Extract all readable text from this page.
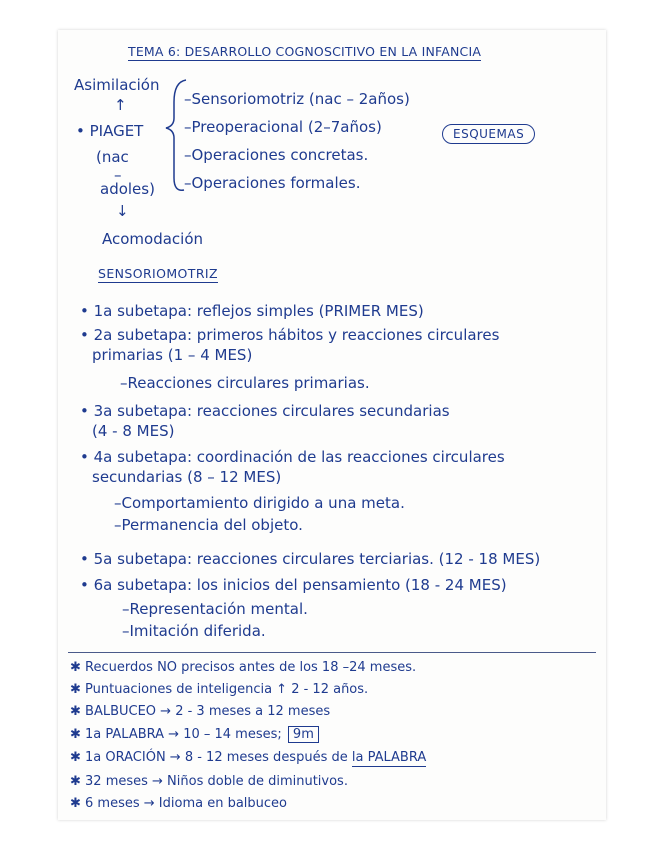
TEMA 6: DESARROLLO COGNOSCITIVO EN LA INFANCIA
Asimilación
↑
• PIAGET
(nac
–
adoles)
↓
Acomodación
–Sensoriomotriz (nac – 2años)
–Preoperacional (2–7años)
–Operaciones concretas.
–Operaciones formales.
ESQUEMAS
SENSORIOMOTRIZ
• 1a subetapa: reflejos simples (PRIMER MES)
• 2a subetapa: primeros hábitos y reacciones circulares
primarias (1 – 4 MES)
–Reacciones circulares primarias.
• 3a subetapa: reacciones circulares secundarias
(4 - 8 MES)
• 4a subetapa: coordinación de las reacciones circulares
secundarias (8 – 12 MES)
–Comportamiento dirigido a una meta.
–Permanencia del objeto.
• 5a subetapa: reacciones circulares terciarias. (12 - 18 MES)
• 6a subetapa: los inicios del pensamiento (18 - 24 MES)
–Representación mental.
–Imitación diferida.
✱ Recuerdos NO precisos antes de los 18 –24 meses.
✱ Puntuaciones de inteligencia ↑ 2 - 12 años.
✱ BALBUCEO → 2 - 3 meses a 12 meses
✱ 1a PALABRA → 10 – 14 meses; 9m
✱ 1a ORACIÓN → 8 - 12 meses después de la PALABRA
✱ 32 meses → Niños doble de diminutivos.
✱ 6 meses → Idioma en balbuceo
